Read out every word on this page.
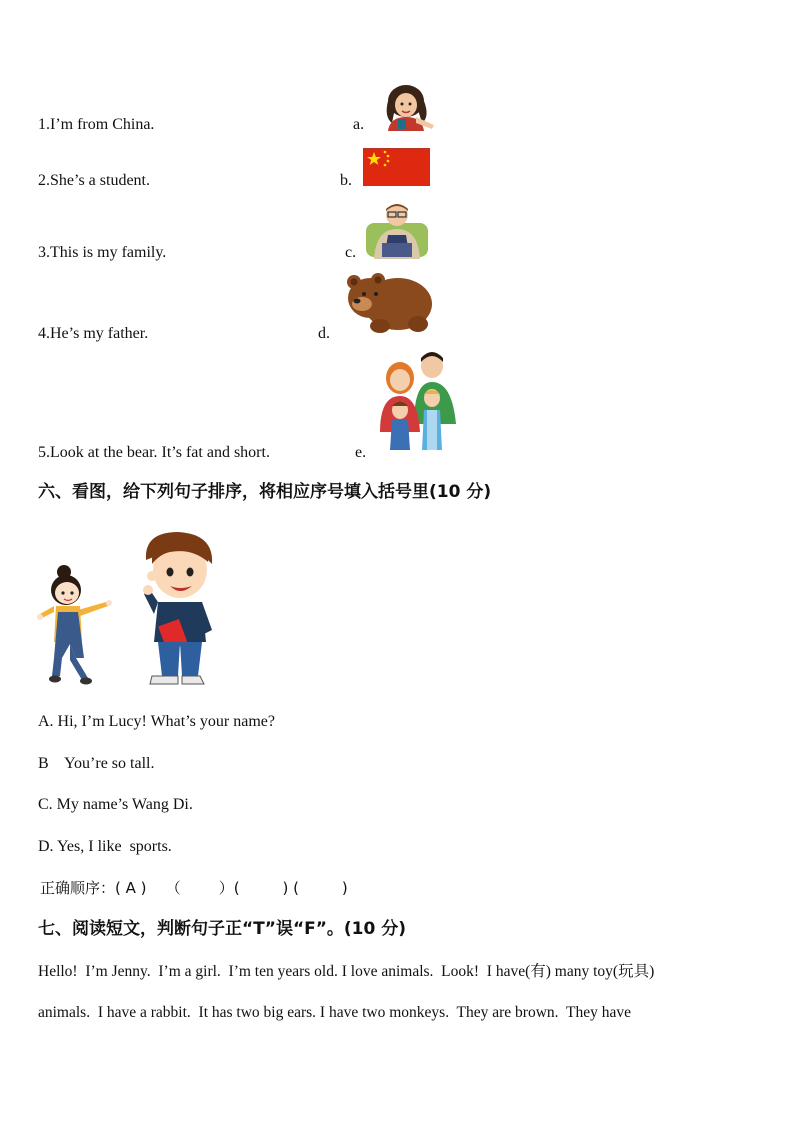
1.I’m from China.
2.She’s a student.
3.This is my family.
4.He’s my father.
5.Look at the bear. It’s fat and short.
a.
b.
c.
d.
e.
六、看图，给下列句子排序，将相应序号填入括号里(10 分)
A. Hi, I’m Lucy! What’s your name?
B    You’re so tall.
C. My name’s Wang Di.
D. Yes, I like  sports.
正确顺序：( A )    （        ）(         ) (         )
七、阅读短文，判断句子正“T”误“F”。(10 分)
Hello!  I’m Jenny.  I’m a girl.  I’m ten years old. I love animals.  Look!  I have(有) many toy(玩具)
animals.  I have a rabbit.  It has two big ears. I have two monkeys.  They are brown.  They have
